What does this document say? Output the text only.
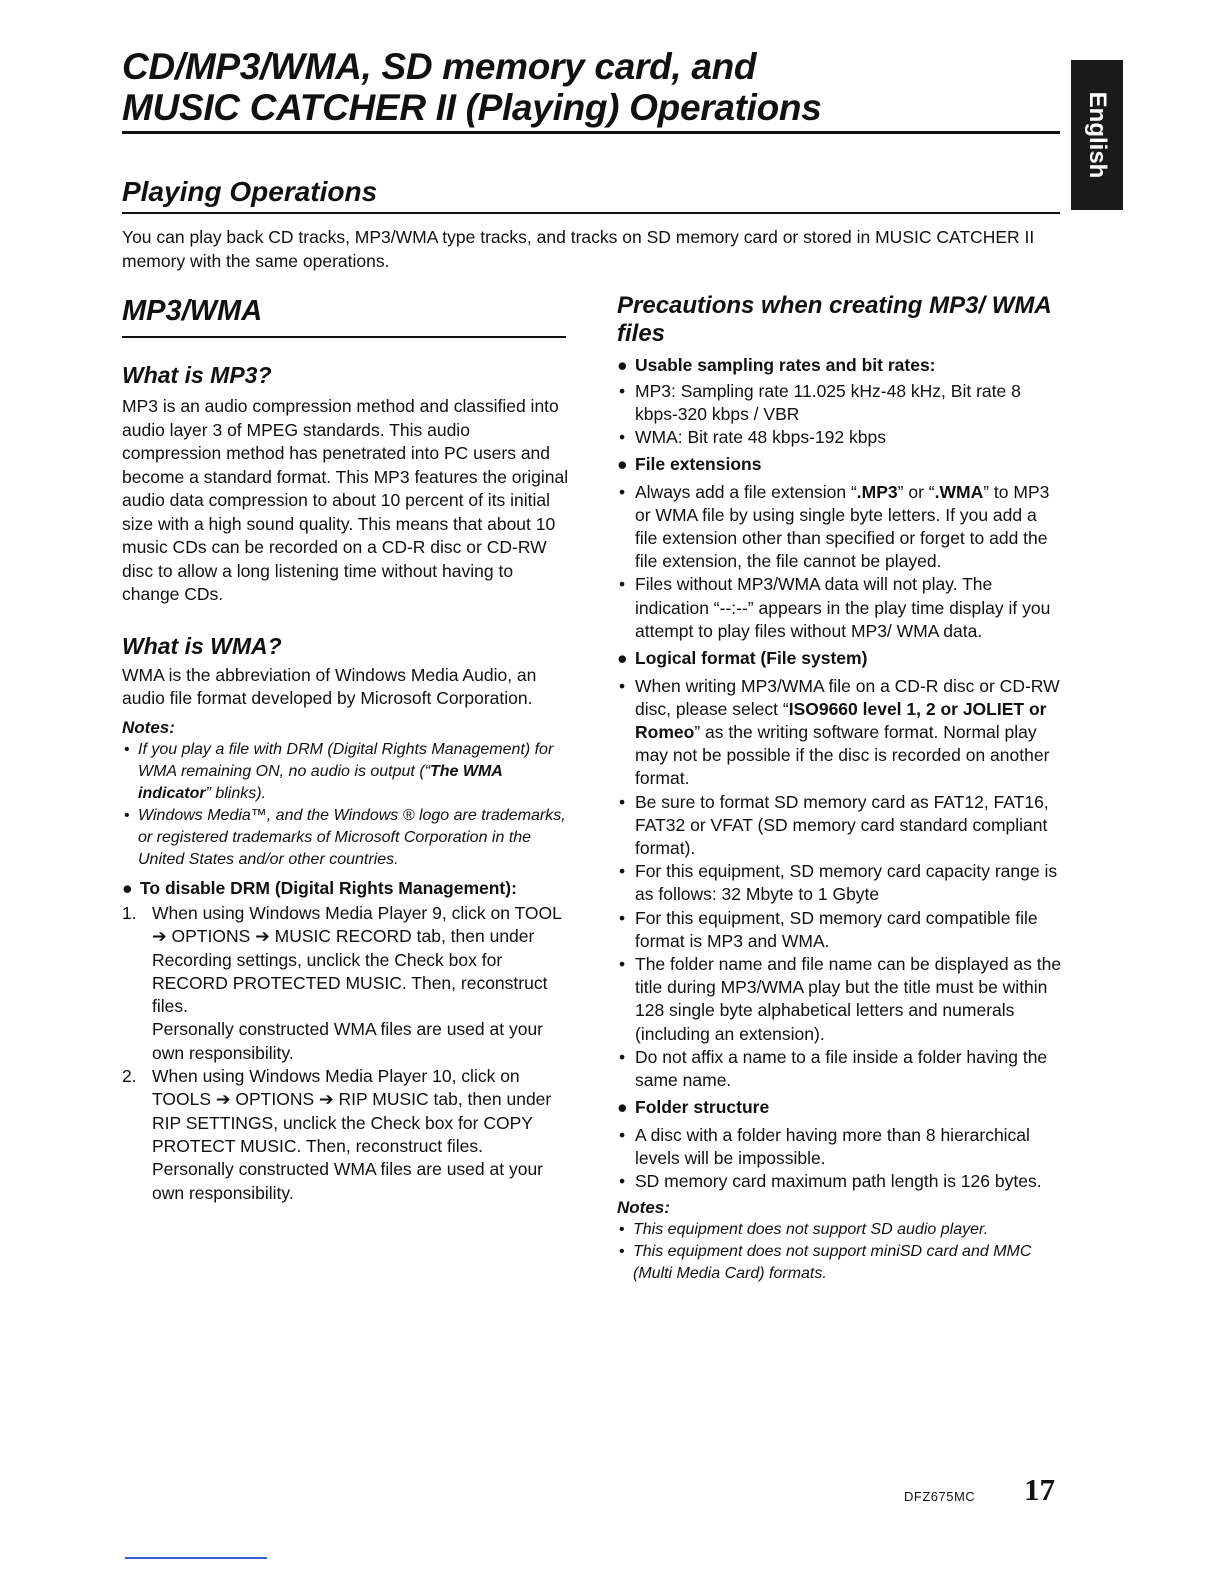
CD/MP3/WMA, SD memory card, and
MUSIC CATCHER II (Playing) Operations	English
Playing Operations

You can play back CD tracks, MP3/WMA type tracks, and tracks on SD memory card or stored in MUSIC CATCHER II memory with the same operations.

MP3/WMA
What is MP3?

MP3 is an audio compression method and classified into audio layer 3 of MPEG standards. This audio compression method has penetrated into PC users and become a standard format. This MP3 features the original audio data compression to about 10 percent of its initial size with a high sound quality. This means that about 10 music CDs can be recorded on a CD-R disc or CD-RW disc to allow a long listening time without having to change CDs.

What is WMA?

WMA is the abbreviation of Windows Media Audio, an audio file format developed by Microsoft Corporation.

Notes:

• If you play a file with DRM (Digital Rights Management) for WMA remaining ON, no audio is output (“The WMA indicator” blinks).
• Windows Media™, and the Windows ® logo are trademarks, or registered trademarks of Microsoft Corporation in the United States and/or other countries.

● To disable DRM (Digital Rights Management):

1. When using Windows Media Player 9, click on TOOL ➔ OPTIONS ➔ MUSIC RECORD tab, then under Recording settings, unclick the Check box for RECORD PROTECTED MUSIC. Then, reconstruct files.
Personally constructed WMA files are used at your own responsibility.
2. When using Windows Media Player 10, click on TOOLS ➔ OPTIONS ➔ RIP MUSIC tab, then under RIP SETTINGS, unclick the Check box for COPY PROTECT MUSIC. Then, reconstruct files.
Personally constructed WMA files are used at your own responsibility.
Precautions when creating MP3/ WMA files

● Usable sampling rates and bit rates:

• MP3: Sampling rate 11.025 kHz-48 kHz, Bit rate 8 kbps-320 kbps / VBR
• WMA: Bit rate 48 kbps-192 kbps

● File extensions

• Always add a file extension “.MP3” or “.WMA” to MP3 or WMA file by using single byte letters. If you add a file extension other than specified or forget to add the file extension, the file cannot be played.
• Files without MP3/WMA data will not play. The indication “--:--” appears in the play time display if you attempt to play files without MP3/ WMA data.

● Logical format (File system)

• When writing MP3/WMA file on a CD-R disc or CD-RW disc, please select “ISO9660 level 1, 2 or JOLIET or Romeo” as the writing software format. Normal play may not be possible if the disc is recorded on another format.
• Be sure to format SD memory card as FAT12, FAT16, FAT32 or VFAT (SD memory card standard compliant format).
• For this equipment, SD memory card capacity range is as follows: 32 Mbyte to 1 Gbyte
• For this equipment, SD memory card compatible file format is MP3 and WMA.
• The folder name and file name can be displayed as the title during MP3/WMA play but the title must be within 128 single byte alphabetical letters and numerals (including an extension).
• Do not affix a name to a file inside a folder having the same name.

● Folder structure

• A disc with a folder having more than 8 hierarchical levels will be impossible.
• SD memory card maximum path length is 126 bytes.

Notes:

• This equipment does not support SD audio player.
• This equipment does not support miniSD card and MMC (Multi Media Card) formats.
DFZ675MC 17
